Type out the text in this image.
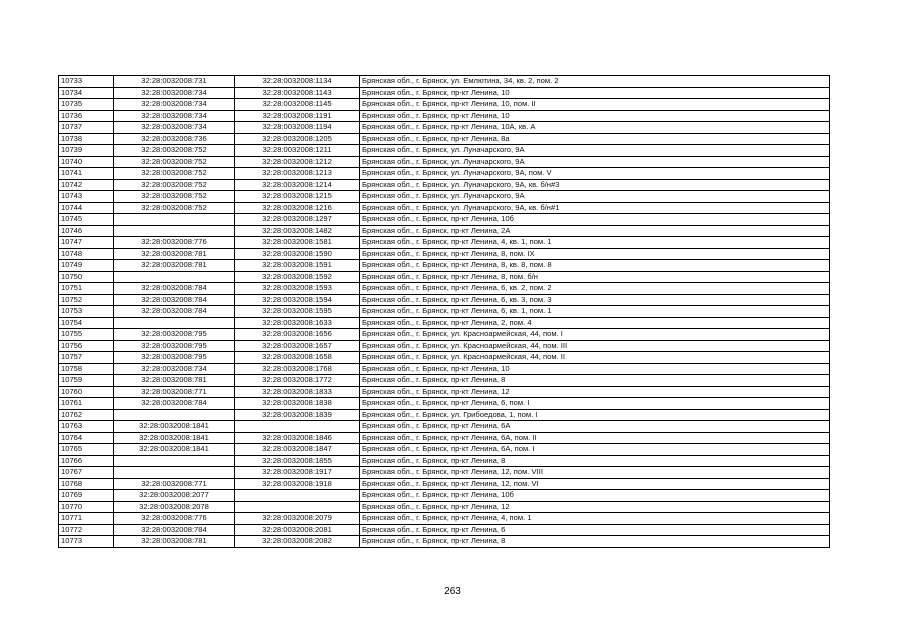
10733	32:28:0032008:731	32:28:0032008:1134	Брянская обл., г. Брянск, ул. Емлютина, 34, кв. 2, пом. 2
10734	32:28:0032008:734	32:28:0032008:1143	Брянская обл., г. Брянск, пр-кт Ленина, 10
10735	32:28:0032008:734	32:28:0032008:1145	Брянская обл., г. Брянск, пр-кт Ленина, 10, пом. II
10736	32:28:0032008:734	32:28:0032008:1191	Брянская обл., г. Брянск, пр-кт Ленина, 10
10737	32:28:0032008:734	32:28:0032008:1194	Брянская обл., г. Брянск, пр-кт Ленина, 10А, кв. А
10738	32:28:0032008:736	32:28:0032008:1205	Брянская обл., г. Брянск, пр-кт Ленина, 8а
10739	32:28:0032008:752	32:28:0032008:1211	Брянская обл., г. Брянск, ул. Луначарского, 9А
10740	32:28:0032008:752	32:28:0032008:1212	Брянская обл., г. Брянск, ул. Луначарского, 9А
10741	32:28:0032008:752	32:28:0032008:1213	Брянская обл., г. Брянск, ул. Луначарского, 9А, пом. V
10742	32:28:0032008:752	32:28:0032008:1214	Брянская обл., г. Брянск, ул. Луначарского, 9А, кв. б/н#3
10743	32:28:0032008:752	32:28:0032008:1215	Брянская обл., г. Брянск, ул. Луначарского, 9А
10744	32:28:0032008:752	32:28:0032008:1216	Брянская обл., г. Брянск, ул. Луначарского, 9А, кв. б/н#1
10745		32:28:0032008:1297	Брянская обл., г. Брянск, пр-кт Ленина, 10б
10746		32:28:0032008:1482	Брянская обл., г. Брянск, пр-кт Ленина, 2А
10747	32:28:0032008:776	32:28:0032008:1581	Брянская обл., г. Брянск, пр-кт Ленина, 4, кв. 1, пом. 1
10748	32:28:0032008:781	32:28:0032008:1590	Брянская обл., г. Брянск, пр-кт Ленина, 8, пом. IX
10749	32:28:0032008:781	32:28:0032008:1591	Брянская обл., г. Брянск, пр-кт Ленина, 8, кв. 8, пом. 8
10750		32:28:0032008:1592	Брянская обл., г. Брянск, пр-кт Ленина, 8, пом. б/н
10751	32:28:0032008:784	32:28:0032008:1593	Брянская обл., г. Брянск, пр-кт Ленина, 6, кв. 2, пом. 2
10752	32:28:0032008:784	32:28:0032008:1594	Брянская обл., г. Брянск, пр-кт Ленина, 6, кв. 3, пом. 3
10753	32:28:0032008:784	32:28:0032008:1595	Брянская обл., г. Брянск, пр-кт Ленина, 6, кв. 1, пом. 1
10754		32:28:0032008:1633	Брянская обл., г. Брянск, пр-кт Ленина, 2, пом. 4
10755	32:28:0032008:795	32:28:0032008:1656	Брянская обл., г. Брянск, ул. Красноармейская, 44, пом. I
10756	32:28:0032008:795	32:28:0032008:1657	Брянская обл., г. Брянск, ул. Красноармейская, 44, пом. III
10757	32:28:0032008:795	32:28:0032008:1658	Брянская обл., г. Брянск, ул. Красноармейская, 44, пом. II
10758	32:28:0032008:734	32:28:0032008:1768	Брянская обл., г. Брянск, пр-кт Ленина, 10
10759	32:28:0032008:781	32:28:0032008:1772	Брянская обл., г. Брянск, пр-кт Ленина, 8
10760	32:28:0032008:771	32:28:0032008:1833	Брянская обл., г. Брянск, пр-кт Ленина, 12
10761	32:28:0032008:784	32:28:0032008:1838	Брянская обл., г. Брянск, пр-кт Ленина, 6, пом. I
10762		32:28:0032008:1839	Брянская обл., г. Брянск, ул. Грибоедова, 1, пом. I
10763	32:28:0032008:1841		Брянская обл., г. Брянск, пр-кт Ленина, 6А
10764	32:28:0032008:1841	32:28:0032008:1846	Брянская обл., г. Брянск, пр-кт Ленина, 6А, пом. II
10765	32:28:0032008:1841	32:28:0032008:1847	Брянская обл., г. Брянск, пр-кт Ленина, 6А, пом. I
10766		32:28:0032008:1855	Брянская обл., г. Брянск, пр-кт Ленина, 8
10767		32:28:0032008:1917	Брянская обл., г. Брянск, пр-кт Ленина, 12, пом. VIII
10768	32:28:0032008:771	32:28:0032008:1918	Брянская обл., г. Брянск, пр-кт Ленина, 12, пом. VI
10769	32:28:0032008:2077		Брянская обл., г. Брянск, пр-кт Ленина, 10б
10770	32:28:0032008:2078		Брянская обл., г. Брянск, пр-кт Ленина, 12
10771	32:28:0032008:776	32:28:0032008:2079	Брянская обл., г. Брянск, пр-кт Ленина, 4, пом. 1
10772	32:28:0032008:784	32:28:0032008:2081	Брянская обл., г. Брянск, пр-кт Ленина, 6
10773	32:28:0032008:781	32:28:0032008:2082	Брянская обл., г. Брянск, пр-кт Ленина, 8
263
